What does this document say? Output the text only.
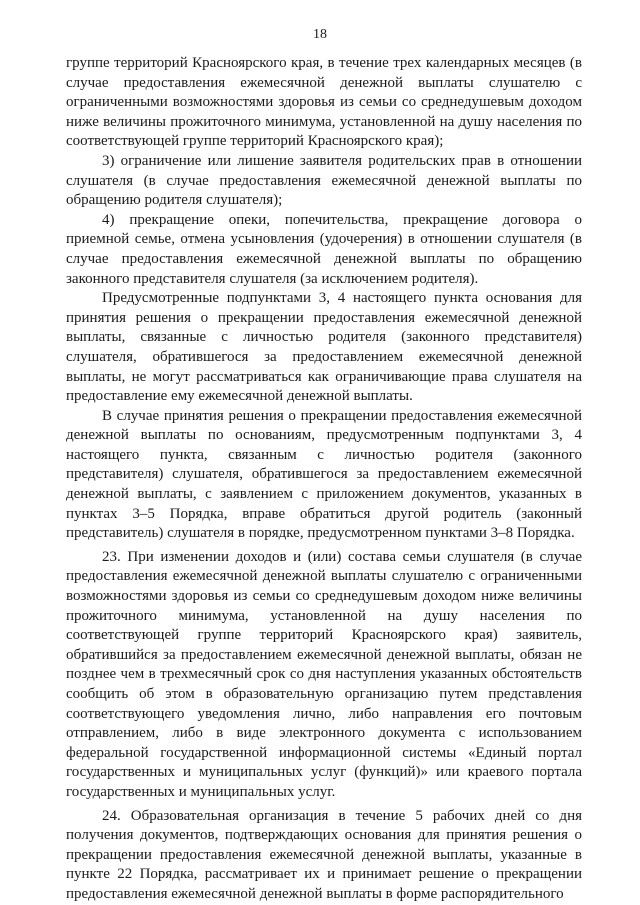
18

группе территорий Красноярского края, в течение трех календарных месяцев (в случае предоставления ежемесячной денежной выплаты слушателю с ограниченными возможностями здоровья из семьи со среднедушевым доходом ниже величины прожиточного минимума, установленной на душу населения по соответствующей группе территорий Красноярского края);

3) ограничение или лишение заявителя родительских прав в отношении слушателя (в случае предоставления ежемесячной денежной выплаты по обращению родителя слушателя);

4) прекращение опеки, попечительства, прекращение договора о приемной семье, отмена усыновления (удочерения) в отношении слушателя (в случае предоставления ежемесячной денежной выплаты по обращению законного представителя слушателя (за исключением родителя).

Предусмотренные подпунктами 3, 4 настоящего пункта основания для принятия решения о прекращении предоставления ежемесячной денежной выплаты, связанные с личностью родителя (законного представителя) слушателя, обратившегося за предоставлением ежемесячной денежной выплаты, не могут рассматриваться как ограничивающие права слушателя на предоставление ему ежемесячной денежной выплаты.

В случае принятия решения о прекращении предоставления ежемесячной денежной выплаты по основаниям, предусмотренным подпунктами 3, 4 настоящего пункта, связанным с личностью родителя (законного представителя) слушателя, обратившегося за предоставлением ежемесячной денежной выплаты, с заявлением с приложением документов, указанных в пунктах 3–5 Порядка, вправе обратиться другой родитель (законный представитель) слушателя в порядке, предусмотренном пунктами 3–8 Порядка.

23. При изменении доходов и (или) состава семьи слушателя (в случае предоставления ежемесячной денежной выплаты слушателю с ограниченными возможностями здоровья из семьи со среднедушевым доходом ниже величины прожиточного минимума, установленной на душу населения по соответствующей группе территорий Красноярского края) заявитель, обратившийся за предоставлением ежемесячной денежной выплаты, обязан не позднее чем в трехмесячный срок со дня наступления указанных обстоятельств сообщить об этом в образовательную организацию путем представления соответствующего уведомления лично, либо направления его почтовым отправлением, либо в виде электронного документа с использованием федеральной государственной информационной системы «Единый портал государственных и муниципальных услуг (функций)» или краевого портала государственных и муниципальных услуг.

24. Образовательная организация в течение 5 рабочих дней со дня получения документов, подтверждающих основания для принятия решения о прекращении предоставления ежемесячной денежной выплаты, указанные в пункте 22 Порядка, рассматривает их и принимает решение о прекращении предоставления ежемесячной денежной выплаты в форме распорядительного
